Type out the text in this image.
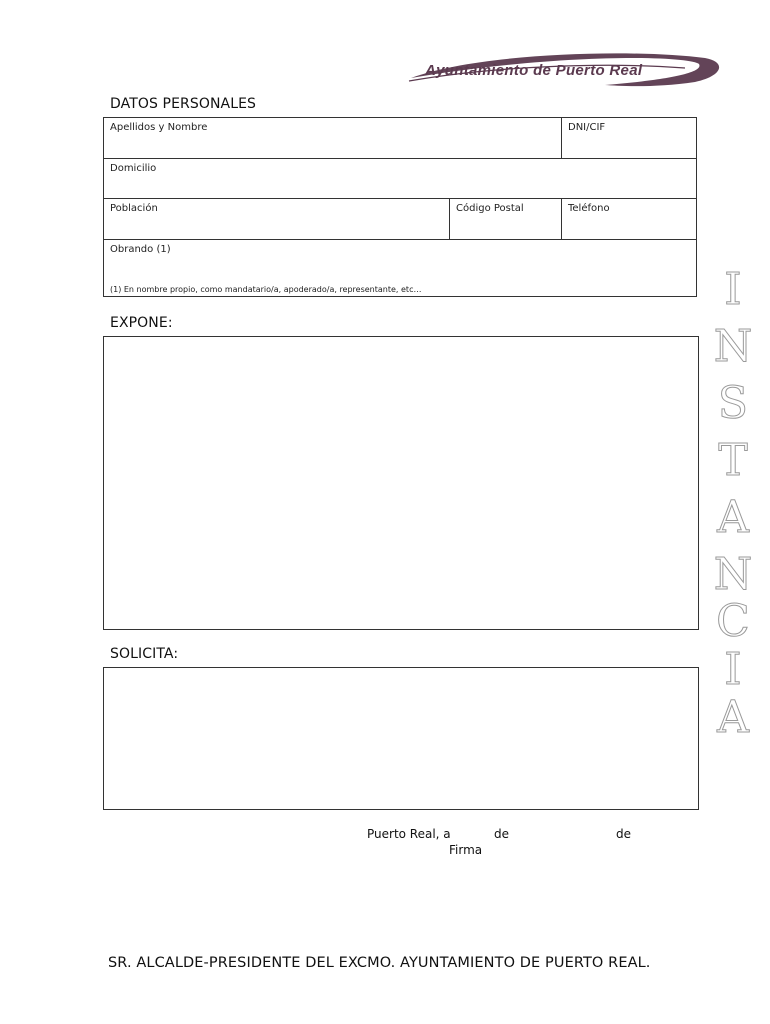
Ayuntamiento de Puerto Real
DATOS PERSONALES
Apellidos y Nombre	DNI/CIF
Domicilio
Población	Código Postal	Teléfono
Obrando (1)
(1) En nombre propio, como mandatario/a, apoderado/a, representante, etc…
EXPONE:
SOLICITA:
Puerto Real, a	de	de
Firma
SR. ALCALDE-PRESIDENTE DEL EXCMO. AYUNTAMIENTO DE PUERTO REAL.
I
N
S
T
A
N
C
I
A
